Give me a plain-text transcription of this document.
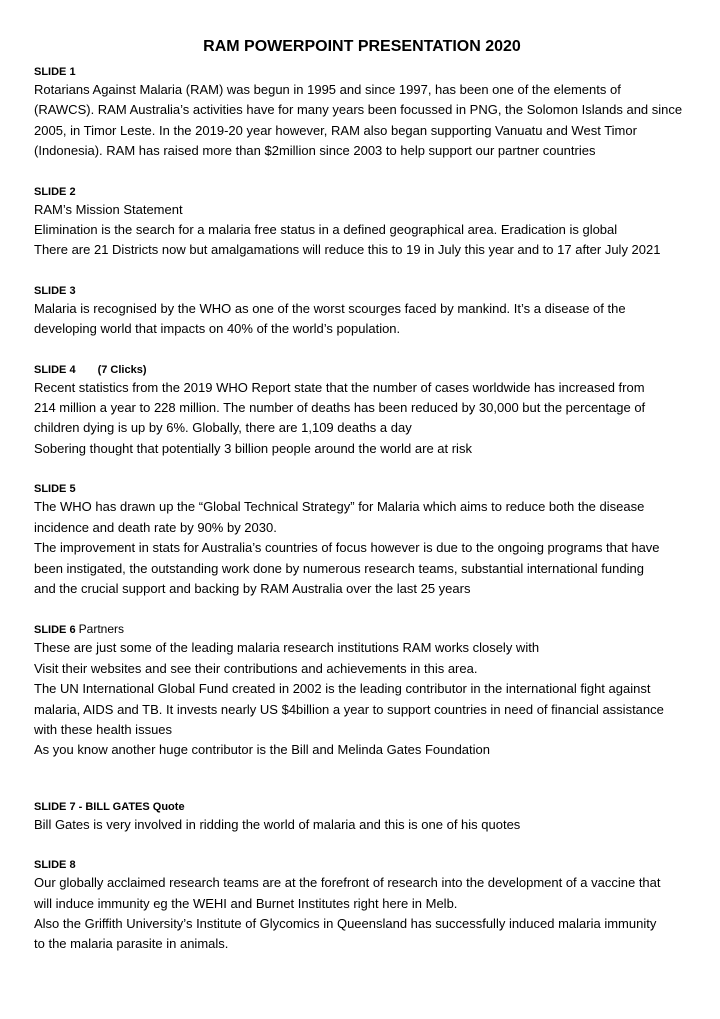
RAM POWERPOINT PRESENTATION 2020
SLIDE 1
Rotarians Against Malaria (RAM) was begun in 1995 and since 1997, has been one of the elements of
(RAWCS). RAM Australia’s activities have for many years been focussed in PNG, the Solomon Islands and since
2005, in Timor Leste. In the 2019-20 year however, RAM also began supporting Vanuatu and West Timor
(Indonesia). RAM has raised more than $2million since 2003 to help support our partner countries
SLIDE 2
RAM’s Mission Statement
Elimination is the search for a malaria free status in a defined geographical area. Eradication is global
There are 21 Districts now but amalgamations will reduce this to 19 in July this year and to 17 after July 2021
SLIDE 3
Malaria is recognised by the WHO as one of the worst scourges faced by mankind. It’s a disease of the
developing world that impacts on 40% of the world’s population.
SLIDE 4 (7 Clicks)
Recent statistics from the 2019 WHO Report state that the number of cases worldwide has increased from
214 million a year to 228 million. The number of deaths has been reduced by 30,000 but the percentage of
children dying is up by 6%. Globally, there are 1,109 deaths a day
Sobering thought that potentially 3 billion people around the world are at risk
SLIDE 5
The WHO has drawn up the “Global Technical Strategy” for Malaria which aims to reduce both the disease
incidence and death rate by 90% by 2030.
The improvement in stats for Australia’s countries of focus however is due to the ongoing programs that have
been instigated, the outstanding work done by numerous research teams, substantial international funding
and the crucial support and backing by RAM Australia over the last 25 years
SLIDE 6 Partners
These are just some of the leading malaria research institutions RAM works closely with
Visit their websites and see their contributions and achievements in this area.
The UN International Global Fund created in 2002 is the leading contributor in the international fight against
malaria, AIDS and TB. It invests nearly US $4billion a year to support countries in need of financial assistance
with these health issues
As you know another huge contributor is the Bill and Melinda Gates Foundation
SLIDE 7 - BILL GATES Quote
Bill Gates is very involved in ridding the world of malaria and this is one of his quotes
SLIDE 8
Our globally acclaimed research teams are at the forefront of research into the development of a vaccine that
will induce immunity eg the WEHI and Burnet Institutes right here in Melb.
Also the Griffith University’s Institute of Glycomics in Queensland has successfully induced malaria immunity
to the malaria parasite in animals.
